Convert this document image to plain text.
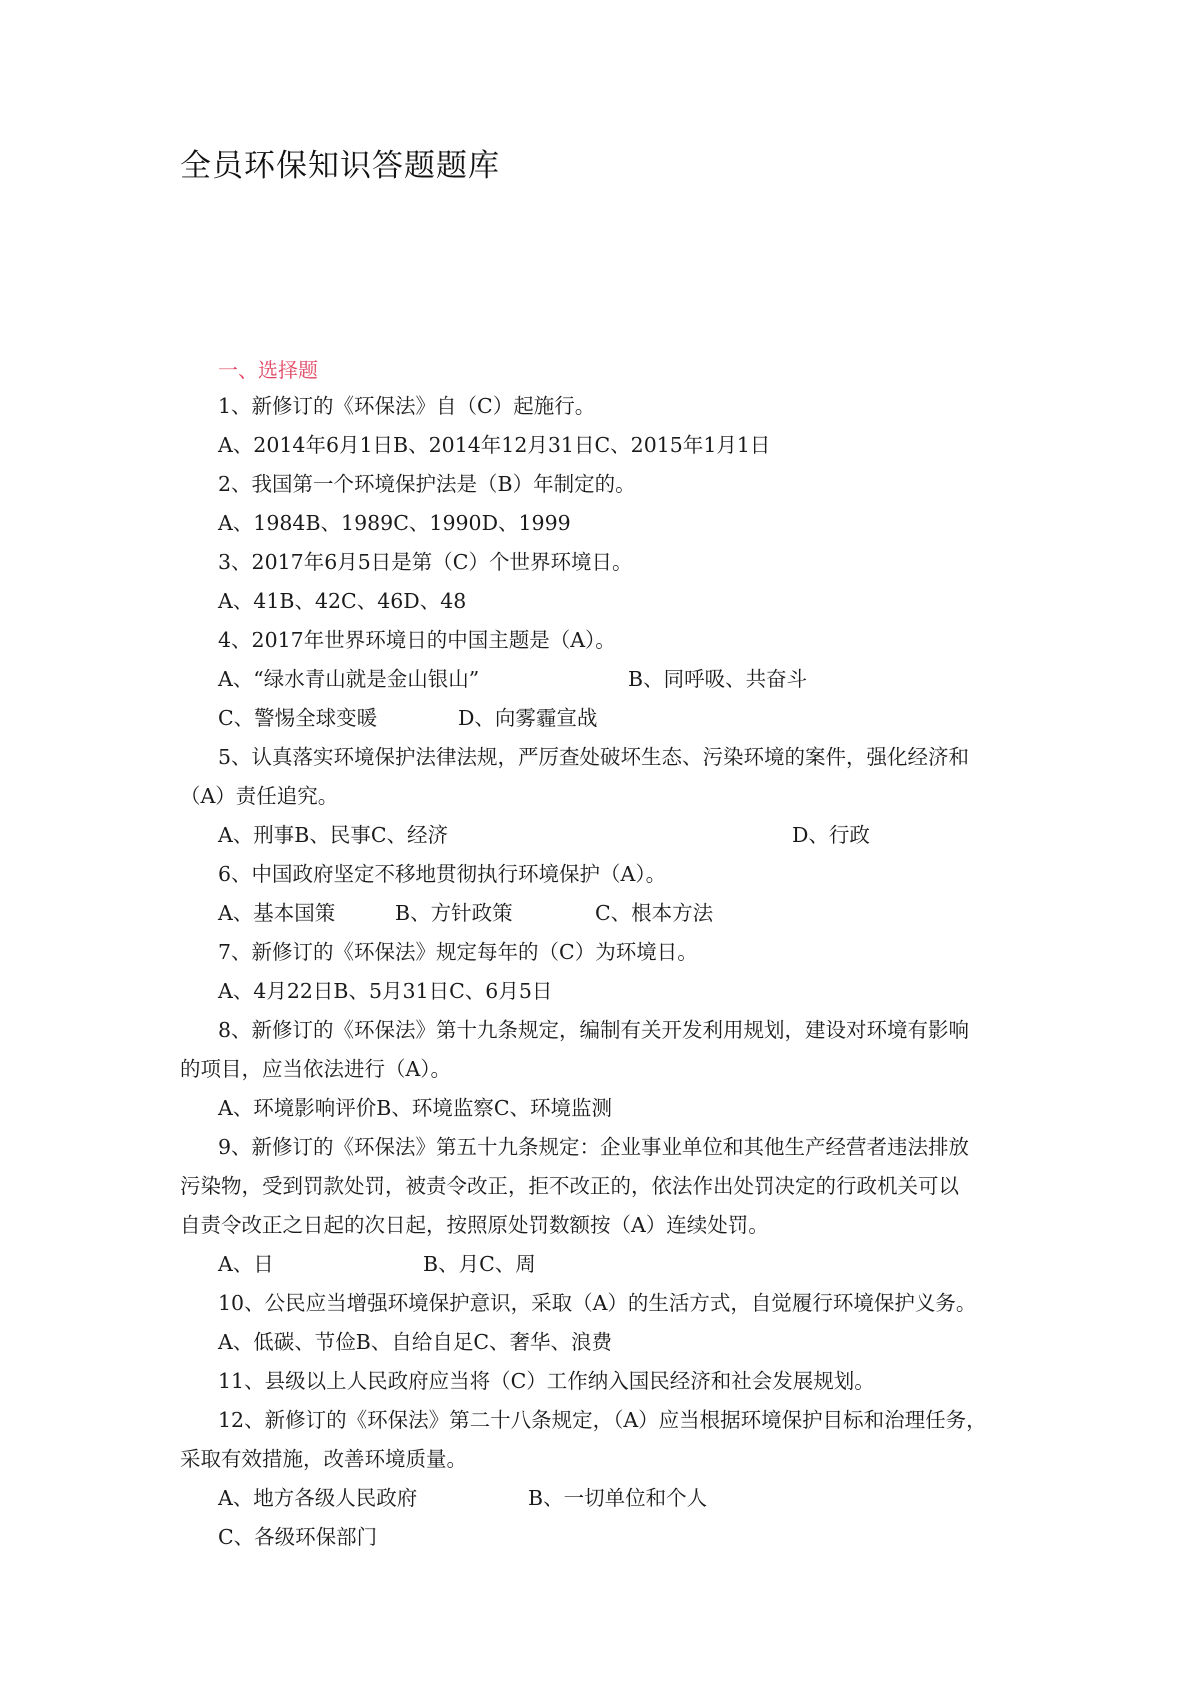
全员环保知识答题题库
一、选择题
1、新修订的《环保法》自（C）起施行。
A、2014年6月1日B、2014年12月31日C、2015年1月1日
2、我国第一个环境保护法是（B）年制定的。
A、1984B、1989C、1990D、1999
3、2017年6月5日是第（C）个世界环境日。
A、41B、42C、46D、48
4、2017年世界环境日的中国主题是（A）。
A、“绿水青山就是金山银山”	B、同呼吸、共奋斗
C、警惕全球变暖	D、向雾霾宣战
5、认真落实环境保护法律法规，严厉查处破坏生态、污染环境的案件，强化经济和
（A）责任追究。
A、刑事B、民事C、经济	D、行政
6、中国政府坚定不移地贯彻执行环境保护（A）。
A、基本国策	B、方针政策	C、根本方法
7、新修订的《环保法》规定每年的（C）为环境日。
A、4月22日B、5月31日C、6月5日
8、新修订的《环保法》第十九条规定，编制有关开发利用规划，建设对环境有影响
的项目，应当依法进行（A）。
A、环境影响评价B、环境监察C、环境监测
9、新修订的《环保法》第五十九条规定：企业事业单位和其他生产经营者违法排放
污染物，受到罚款处罚，被责令改正，拒不改正的，依法作出处罚决定的行政机关可以
自责令改正之日起的次日起，按照原处罚数额按（A）连续处罚。
A、日	B、月C、周
10、公民应当增强环境保护意识，采取（A）的生活方式，自觉履行环境保护义务。
A、低碳、节俭B、自给自足C、奢华、浪费
11、县级以上人民政府应当将（C）工作纳入国民经济和社会发展规划。
12、新修订的《环保法》第二十八条规定，（A）应当根据环境保护目标和治理任务，
采取有效措施，改善环境质量。
A、地方各级人民政府	B、一切单位和个人
C、各级环保部门
